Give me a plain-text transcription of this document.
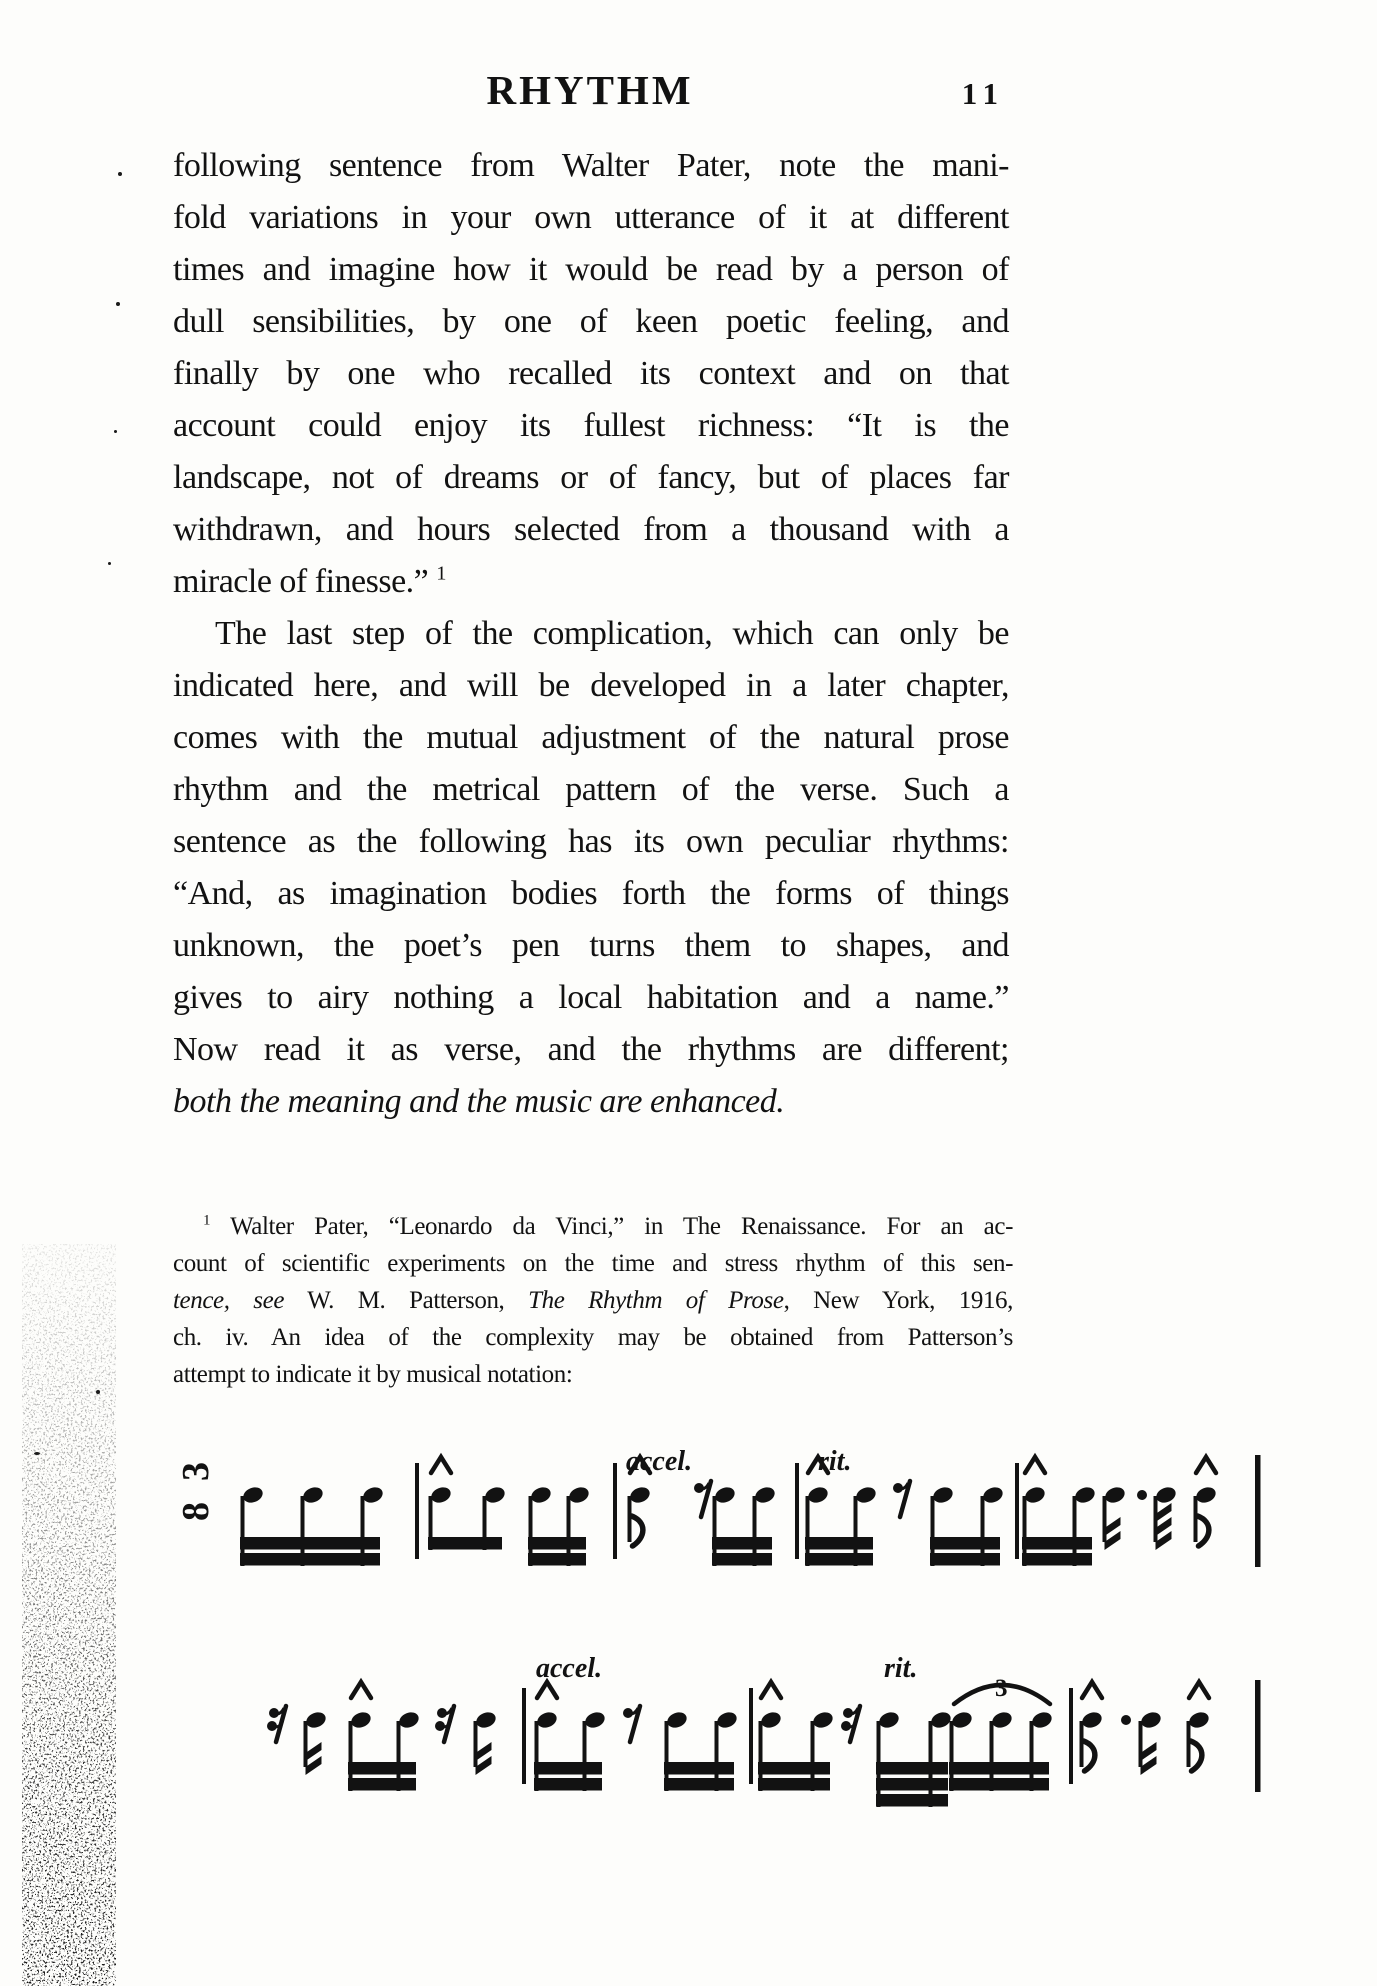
RHYTHM	11
following sentence from Walter Pater, note the mani-
fold variations in your own utterance of it at different
times and imagine how it would be read by a person of
dull sensibilities, by one of keen poetic feeling, and
finally by one who recalled its context and on that
account could enjoy its fullest richness: “It is the
landscape, not of dreams or of fancy, but of places far
withdrawn, and hours selected from a thousand with a
miracle of finesse.” $^1$
The last step of the complication, which can only be
indicated here, and will be developed in a later chapter,
comes with the mutual adjustment of the natural prose
rhythm and the metrical pattern of the verse. Such a
sentence as the following has its own peculiar rhythms:
“And, as imagination bodies forth the forms of things
unknown, the poet’s pen turns them to shapes, and
gives to airy nothing a local habitation and a name.”
Now read it as verse, and the rhythms are different;
both the meaning and the music are enhanced.
$^1$ Walter Pater, “Leonardo da Vinci,” in The Renaissance. For an ac-
count of scientific experiments on the time and stress rhythm of this sen-
tence, see W. M. Patterson, The Rhythm of Prose, New York, 1916,
ch. iv. An idea of the complexity may be obtained from Patterson’s
attempt to indicate it by musical notation:
3
8
accel.	rit.
accel.	rit.
3
